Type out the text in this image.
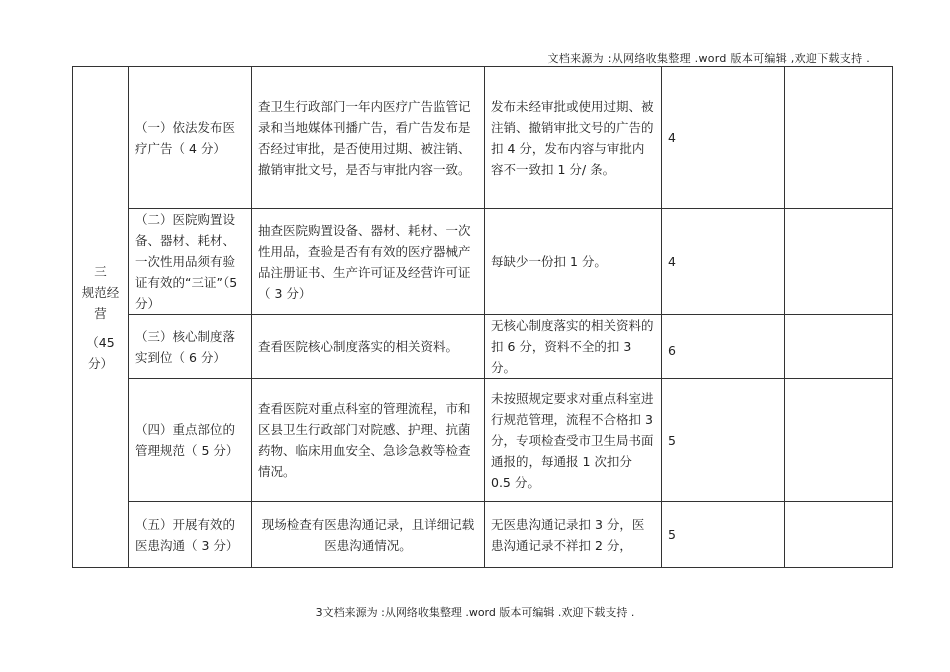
文档来源为 :从网络收集整理 .word 版本可编辑 ,欢迎下载支持 .
三
规范经
营
（45
分）	（一）依法发布医疗广告（ 4 分）	查卫生行政部门一年内医疗广告监管记录和当地媒体刊播广告，看广告发布是否经过审批，是否使用过期、被注销、撤销审批文号，是否与审批内容一致。	发布未经审批或使用过期、被注销、撤销审批文号的广告的扣 4 分，发布内容与审批内容不一致扣 1 分/ 条。	4	
	（二）医院购置设备、器材、耗材、一次性用品须有验证有效的“三证”（5 分）	抽查医院购置设备、器材、耗材、一次性用品，查验是否有有效的医疗器械产品注册证书、生产许可证及经营许可证（ 3 分）	每缺少一份扣 1 分。	4	
	（三）核心制度落实到位（ 6 分）	查看医院核心制度落实的相关资料。	无核心制度落实的相关资料的扣 6 分，资料不全的扣 3 分。	6	
	（四）重点部位的管理规范（ 5 分）	查看医院对重点科室的管理流程，市和区县卫生行政部门对院感、护理、抗菌药物、临床用血安全、急诊急救等检查情况。	未按照规定要求对重点科室进行规范管理，流程不合格扣 3 分，专项检查受市卫生局书面通报的，每通报 1 次扣分 0.5 分。	5	
	（五）开展有效的医患沟通（ 3 分）	现场检查有医患沟通记录，且详细记载医患沟通情况。	无医患沟通记录扣 3 分，医患沟通记录不祥扣 2 分，	5	
3文档来源为 :从网络收集整理 .word 版本可编辑 .欢迎下载支持 .
